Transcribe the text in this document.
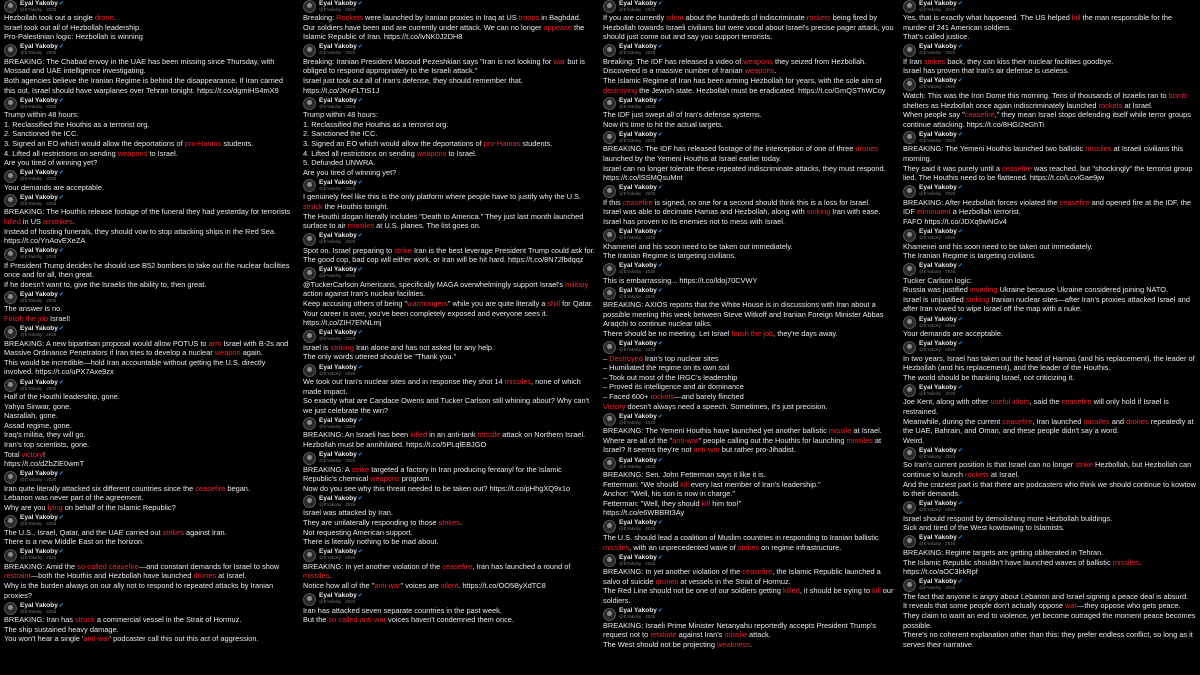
Eyal Yakoby✔
@EYakoby · 2025
Hezbollah took out a single drone.
Israel took out all of Hezbollah leadership.
Pro-Palestinian logic: Hezbollah is winning
Eyal Yakoby✔
@EYakoby · 2025
BREAKING: The Chabad envoy in the UAE has been missing since Thursday, with Mossad and UAE intelligence investigating.
Both agencies believe the Iranian Regime is behind the disappearance. If Iran carried this out, Israel should have warplanes over Tehran tonight. https://t.co/dgmiHS4mX9
Eyal Yakoby✔
@EYakoby · 2025
Trump within 48 hours:
1. Reclassified the Houthis as a terrorist org.
2. Sanctioned the ICC.
3. Signed an EO which would allow the deportations of pro-Hamas students.
4. Lifted all restrictions on sending weapons to Israel.
Are you tired of winning yet?
Eyal Yakoby✔
@EYakoby · 2025
Your demands are acceptable.
Eyal Yakoby✔
@EYakoby · 2025
BREAKING: The Houthis release footage of the funeral they had yesterday for terrorists killed in US airstrikes.
Instead of hosting funerals, they should vow to stop attacking ships in the Red Sea. https://t.co/YnAovEXeZA
Eyal Yakoby✔
@EYakoby · 2025
If President Trump decides he should use B52 bombers to take out the nuclear facilities once and for all, then great.
If he doesn't want to, give the Israelis the ability to, then great.
Eyal Yakoby✔
@EYakoby · 2025
The answer is no.
Finish the job Israel!
Eyal Yakoby✔
@EYakoby · 2025
BREAKING: A new bipartisan proposal would allow POTUS to arm Israel with B-2s and Massive Ordinance Penetrators if Iran tries to develop a nuclear weapon again.
This would be incredible—hold Iran accountable without getting the U.S. directly involved. https://t.co/uPX7Axe9zx
Eyal Yakoby✔
@EYakoby · 2025
Half of the Houthi leadership, gone.
Yahya Sinwar, gone.
Nasrallah, gone.
Assad regime, gone.
Iraq's militia, they will go.
Iran's top scientists, gone.
Total victory!
https://t.co/dZbZlE0wmT
Eyal Yakoby✔
@EYakoby · 2025
Iran quite literally attacked six different countries since the ceasefire began.
Lebanon was never part of the agreement.
Why are you lying on behalf of the Islamic Republic?
Eyal Yakoby✔
@EYakoby · 2025
The U.S., Israel, Qatar, and the UAE carried out strikes against Iran.
There is a new Middle East on the horizon.
Eyal Yakoby✔
@EYakoby · 2025
BREAKING: Amid the so-called ceasefire—and constant demands for Israel to show restraint—both the Houthis and Hezbollah have launched drones at Israel.
Why is the burden always on our ally not to respond to repeated attacks by Iranian proxies?
Eyal Yakoby✔
@EYakoby · 2025
BREAKING: Iran has struck a commercial vessel in the Strait of Hormuz.
The ship sustained heavy damage.
You won't hear a single 'anti-war' podcaster call this out this act of aggression.
Eyal Yakoby✔
@EYakoby · 2025
Breaking: Rockets were launched by Iranian proxies in Iraq at US troops in Baghdad.
Our soldiers have been and are currently under attack. We can no longer appease the Islamic Republic of Iran. https://t.co/lvNK0J2DH8
Eyal Yakoby✔
@EYakoby · 2025
Breaking: Iranian President Masoud Pezeshkian says "Iran is not looking for war but is obliged to respond appropriately to the Israeli attack."
Israel just took out all of Iran's defense, they should remember that. https://t.co/JKnFLTtS1J
Eyal Yakoby✔
@EYakoby · 2025
Trump within 48 hours:
1. Reclassified the Houthis as a terrorist org.
2. Sanctioned the ICC.
3. Signed an EO which would allow the deportations of pro-Hamas students.
4. Lifted all restrictions on sending weapons to Israel.
5. Defunded UNWRA.
Are you tired of winning yet?
Eyal Yakoby✔
@EYakoby · 2025
I genuinely feel like this is the only platform where people have to justify why the U.S. struck the Houthis tonight.
The Houthi slogan literally includes "Death to America." They just last month launched surface to air missiles at U.S. planes. The list goes on.
Eyal Yakoby✔
@EYakoby · 2025
Spot on. Israel preparing to strike Iran is the best leverage President Trump could ask for.
The good cop, bad cop will either work, or Iran will be hit hard. https://t.co/8N72lbdqqz
Eyal Yakoby✔
@EYakoby · 2025
@TuckerCarlson Americans, specifically MAGA overwhelmingly support Israel's military action against Iran's nuclear facilities.
Keep accusing others of being "warmongers" while you are quite literally a shill for Qatar.
Your career is over, you've been completely exposed and everyone sees it. https://t.co/ZIH7EhNLmj
Eyal Yakoby✔
@EYakoby · 2025
Israel is striking Iran alone and has not asked for any help.
The only words uttered should be "Thank you."
Eyal Yakoby✔
@EYakoby · 2025
We took out Iran's nuclear sites and in response they shot 14 missiles, none of which made impact.
So exactly what are Candace Owens and Tucker Carlson still whining about? Why can't we just celebrate the win?
Eyal Yakoby✔
@EYakoby · 2025
BREAKING: An Israeli has been killed in an anti-tank missile attack on Northern Israel.
Hezbollah must be annihilated. https://t.co/5PLqlEBJGO
Eyal Yakoby✔
@EYakoby · 2025
BREAKING: A strike targeted a factory in Iran producing fentanyl for the Islamic Republic's chemical weapons program.
Now do you see why this threat needed to be taken out? https://t.co/pHhgXQ9x1o
Eyal Yakoby✔
@EYakoby · 2025
Israel was attacked by Iran.
They are unilaterally responding to those strikes.
Not requesting American support.
There is literally nothing to be mad about.
Eyal Yakoby✔
@EYakoby · 2025
BREAKING: In yet another violation of the ceasefire, Iran has launched a round of missiles.
Notice how all of the "anti-war" voices are silent. https://t.co/OO5ByXdTC8
Eyal Yakoby✔
@EYakoby · 2025
Iran has attacked seven separate countries in the past week.
But the so called anti-war voices haven't condemned them once.
Eyal Yakoby✔
@EYakoby · 2025
If you are currently silent about the hundreds of indiscriminate rockets being fired by Hezbollah towards Israeli civilians but were vocal about Israel's precise pager attack, you should just come out and say you support terrorists.
Eyal Yakoby✔
@EYakoby · 2025
Breaking: The IDF has released a video of weapons they seized from Hezbollah.
Discovered is a massive number of Iranian weapons.
The Islamic Regime of Iran has been arming Hezbollah for years, with the sole aim of destroying the Jewish state. Hezbollah must be eradicated. https://t.co/GmQSThWCoy
Eyal Yakoby✔
@EYakoby · 2025
The IDF just swept all of Iran's defense systems.
Now it's time to hit the actual targets.
Eyal Yakoby✔
@EYakoby · 2025
BREAKING: The IDF has released footage of the interception of one of three drones launched by the Yemeni Houthis at Israel earlier today.
Israel can no longer tolerate these repeated indiscriminate attacks, they must respond. https://t.co/lSSMQsuMnt
Eyal Yakoby✔
@EYakoby · 2025
If this ceasefire is signed, no one for a second should think this is a loss for Israel.
Israel was able to decimate Hamas and Hezbollah, along with striking Iran with ease.
Israel has proven to its enemies not to mess with Israel.
Eyal Yakoby✔
@EYakoby · 2025
Khamenei and his soon need to be taken out immediately.
The Iranian Regime is targeting civilians.
Eyal Yakoby✔
@EYakoby · 2025
This is embarrassing... https://t.co/ldoj70CVWY
Eyal Yakoby✔
@EYakoby · 2025
BREAKING: AXIOS reports that the White House is in discussions with Iran about a possible meeting this week between Steve Witkoff and Iranian Foreign Minister Abbas Araqchi to continue nuclear talks.
There should be no meeting. Let Israel finish the job, they're days away.
Eyal Yakoby✔
@EYakoby · 2025
– Destroyed Iran's top nuclear sites
– Humiliated the regime on its own soil
– Took out most of the IRGC's leadership
– Proved its intelligence and air dominance
– Faced 600+ rockets—and barely flinched
Victory doesn't always need a speech. Sometimes, it's just precision.
Eyal Yakoby✔
@EYakoby · 2025
BREAKING: The Yemeni Houthis have launched yet another ballistic missile at Israel.
Where are all of the "anti-war" people calling out the Houthis for launching missiles at Israel? It seems they're not anti-war but rather pro-Jihadist.
Eyal Yakoby✔
@EYakoby · 2025
BREAKING: Sen. John Fetterman says it like it is.
Fetterman: "We should kill every last member of Iran's leadership."
Anchor: "Well, his son is now in charge."
Fetterman: "Well, they should kill him too!"
https://t.co/e6WBBRt3Ay
Eyal Yakoby✔
@EYakoby · 2025
The U.S. should lead a coalition of Muslim countries in responding to Iranian ballistic missiles, with an unprecedented wave of strikes on regime infrastructure.
Eyal Yakoby✔
@EYakoby · 2025
BREAKING: In yet another violation of the ceasefire, the Islamic Republic launched a salvo of suicide drones at vessels in the Strait of Hormuz.
The Red Line should not be one of our soldiers getting killed, it should be trying to kill our soldiers.
Eyal Yakoby✔
@EYakoby · 2025
BREAKING: Israeli Prime Minister Netanyahu reportedly accepts President Trump's request not to retaliate against Iran's missile attack.
The West should not be projecting weakness.
Eyal Yakoby✔
@EYakoby · 2025
Yes, that is exactly what happened. The US helped kill the man responsible for the murder of 241 American soldiers.
That's called justice.
Eyal Yakoby✔
@EYakoby · 2025
If Iran strikes back, they can kiss their nuclear facilities goodbye.
Israel has proven that Iran's air defense is useless.
Eyal Yakoby✔
@EYakoby · 2025
Watch: This was the Iron Dome this morning. Tens of thousands of Israelis ran to bomb shelters as Hezbollah once again indiscriminately launched rockets at Israel.
When people say "ceasefire," they mean Israel stops defending itself while terror groups continue attacking. https://t.co/8HGI2eGhTi
Eyal Yakoby✔
@EYakoby · 2025
BREAKING: The Yemeni Houthis launched two ballistic missiles at Israeli civilians this morning.
They said it was purely until a ceasefire was reached, but "shockingly" the terrorist group lied. The Houthis need to be flattened. https://t.co/LcviGae9jw
Eyal Yakoby✔
@EYakoby · 2025
BREAKING: After Hezbollah forces violated the ceasefire and opened fire at the IDF, the IDF eliminated a Hezbollah terrorist.
FAFO https://t.co/JDXq9wNGv4
Eyal Yakoby✔
@EYakoby · 2025
Khamenei and his soon need to be taken out immediately.
The Iranian Regime is targeting civilians.
Eyal Yakoby✔
@EYakoby · 2025
Tucker Carlson logic:
Russia was justified invading Ukraine because Ukraine considered joining NATO.
Israel is unjustified striking Iranian nuclear sites—after Iran's proxies attacked Israel and after Iran vowed to wipe Israel off the map with a nuke.
Eyal Yakoby✔
@EYakoby · 2025
Your demands are acceptable.
Eyal Yakoby✔
@EYakoby · 2025
In two years, Israel has taken out the head of Hamas (and his replacement), the leader of Hezbollah (and his replacement), and the leader of the Houthis.
The world should be thanking Israel, not criticizing it.
Eyal Yakoby✔
@EYakoby · 2025
Joe Kent, along with other useful idiots, said the ceasefire will only hold if Israel is restrained.
Meanwhile, during the current ceasefire, Iran launched missiles and drones repeatedly at the UAE, Bahrain, and Oman, and these people didn't say a word.
Weird.
Eyal Yakoby✔
@EYakoby · 2025
So Iran's current position is that Israel can no longer strike Hezbollah, but Hezbollah can continue to launch rockets at Israel.
And the craziest part is that there are podcasters who think we should continue to kowtow to their demands.
Eyal Yakoby✔
@EYakoby · 2025
Israel should respond by demolishing more Hezbollah buildings.
Sick and tired of the West kowtowing to Islamists.
Eyal Yakoby✔
@EYakoby · 2025
BREAKING: Regime targets are getting obliterated in Tehran.
The Islamic Republic shouldn't have launched waves of ballistic missiles.
https://t.co/aOC3lrkRpf
Eyal Yakoby✔
@EYakoby · 2025
The fact that anyone is angry about Lebanon and Israel signing a peace deal is absurd.
It reveals that some people don't actually oppose war—they oppose who gets peace.
They claim to want an end to violence, yet become outraged the moment peace becomes possible.
There's no coherent explanation other than this: they prefer endless conflict, so long as it serves their narrative.
